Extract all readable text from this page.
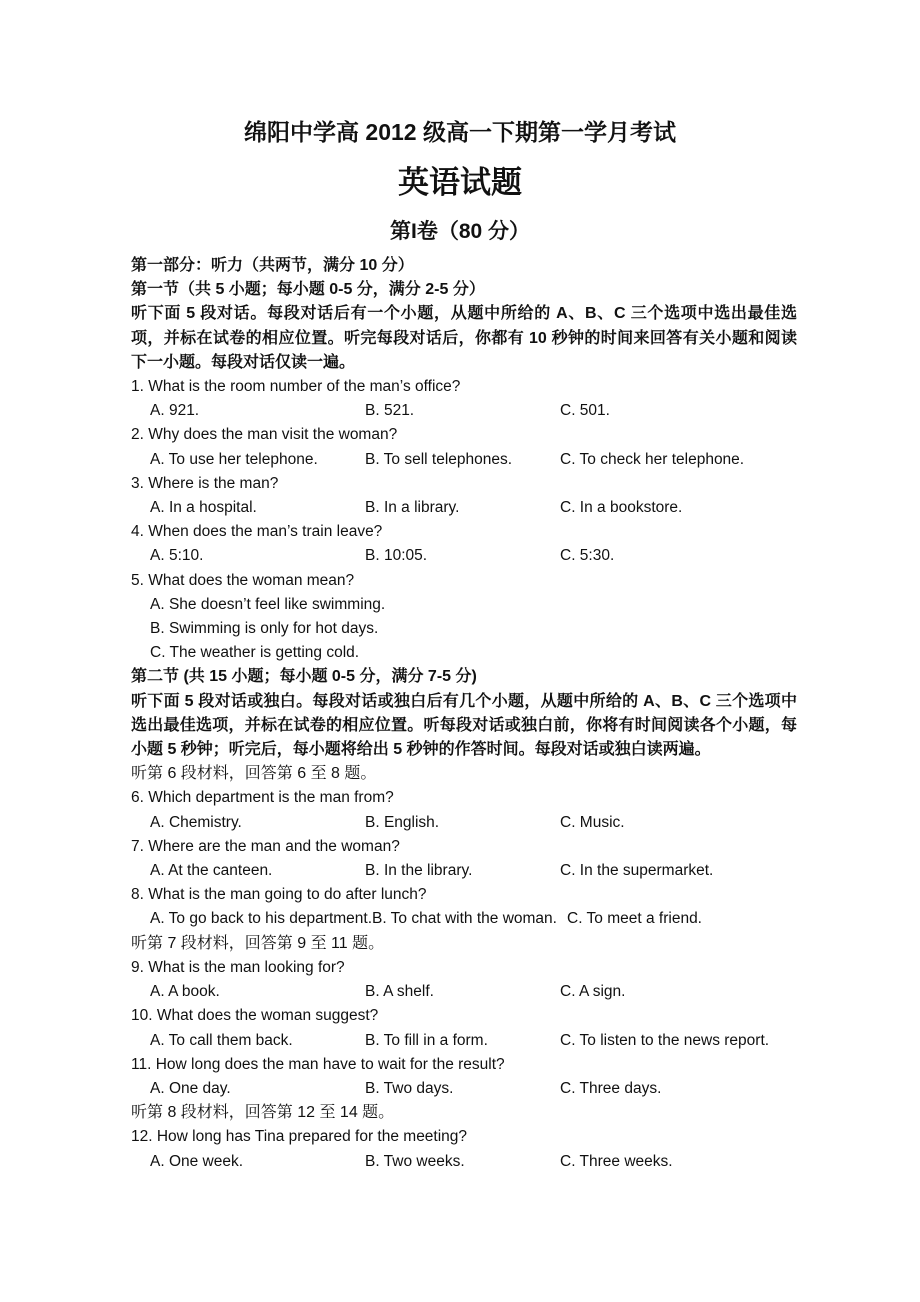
绵阳中学高 2012 级高一下期第一学月考试
英语试题
第I卷（80 分）
第一部分：听力（共两节，满分 10 分）
第一节（共 5 小题；每小题 0-5 分，满分 2-5 分）
听下面 5 段对话。每段对话后有一个小题，从题中所给的 A、B、C 三个选项中选出最佳选项，并标在试卷的相应位置。听完每段对话后，你都有 10 秒钟的时间来回答有关小题和阅读下一小题。每段对话仅读一遍。
1. What is the room number of the man’s office?
A. 921.	B. 521.	C. 501.
2. Why does the man visit the woman?
A. To use her telephone.	B. To sell telephones.	C. To check her telephone.
3. Where is the man?
A. In a hospital.	B. In a library.	C. In a bookstore.
4. When does the man’s train leave?
A. 5:10.	B. 10:05.	C. 5:30.
5. What does the woman mean?
A. She doesn’t feel like swimming.
B. Swimming is only for hot days.
C. The weather is getting cold.
第二节 (共 15 小题；每小题 0-5 分，满分 7-5 分)
听下面 5 段对话或独白。每段对话或独白后有几个小题，从题中所给的 A、B、C 三个选项中选出最佳选项，并标在试卷的相应位置。听每段对话或独白前，你将有时间阅读各个小题，每小题 5 秒钟；听完后，每小题将给出 5 秒钟的作答时间。每段对话或独白读两遍。
听第 6 段材料，回答第 6 至 8 题。
6. Which department is the man from?
A. Chemistry.	B. English.	C. Music.
7. Where are the man and the woman?
A. At the canteen.	B. In the library.	C. In the supermarket.
8. What is the man going to do after lunch?
A. To go back to his department.B. To chat with the woman. C. To meet a friend.
听第 7 段材料，回答第 9 至 11 题。
9. What is the man looking for?
A. A book.	B. A shelf.	C. A sign.
10. What does the woman suggest?
A. To call them back.	B. To fill in a form.	C. To listen to the news report.
11. How long does the man have to wait for the result?
A. One day.	B. Two days.	C. Three days.
听第 8 段材料，回答第 12 至 14 题。
12. How long has Tina prepared for the meeting?
A. One week.	B. Two weeks.	C. Three weeks.
